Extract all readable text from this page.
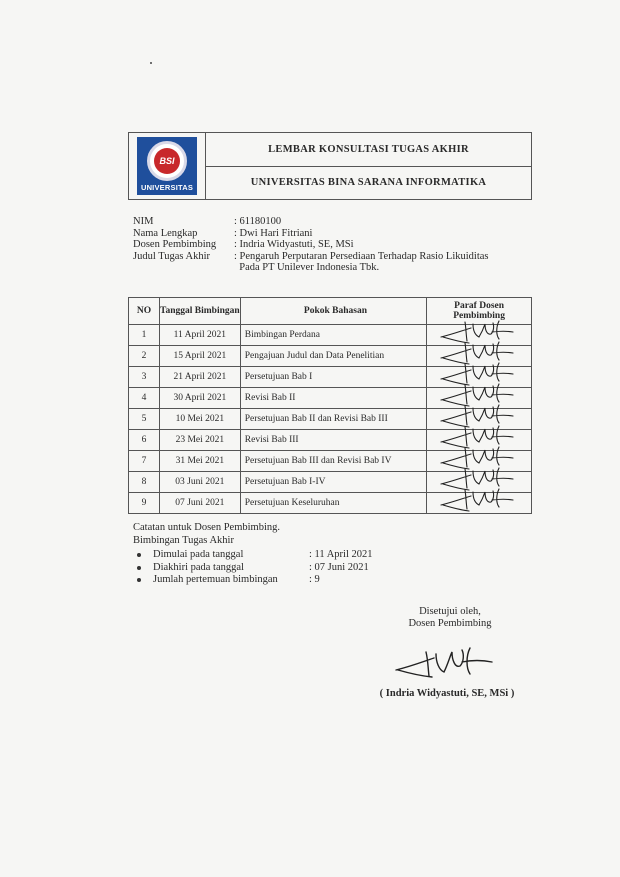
BSI
UNIVERSITAS
LEMBAR KONSULTASI TUGAS AKHIR
UNIVERSITAS BINA SARANA INFORMATIKA
NIM	: 61180100
Nama Lengkap	: Dwi Hari Fitriani
Dosen Pembimbing	: Indria Widyastuti, SE, MSi
Judul Tugas Akhir	: Pengaruh Perputaran Persediaan Terhadap Rasio Likuiditas
Pada PT Unilever Indonesia Tbk.
NO	Tanggal Bimbingan	Pokok Bahasan	Paraf Dosen Pembimbing
1	11 April 2021	Bimbingan Perdana	

2	15 April 2021	Pengajuan Judul dan Data Penelitian	

3	21 April 2021	Persetujuan Bab I	

4	30 April 2021	Revisi Bab II	

5	10 Mei 2021	Persetujuan Bab II dan Revisi Bab III	

6	23 Mei 2021	Revisi Bab III	

7	31 Mei 2021	Persetujuan Bab III dan Revisi Bab IV	

8	03 Juni 2021	Persetujuan Bab I-IV	

9	07 Juni 2021	Persetujuan Keseluruhan	
Catatan untuk Dosen Pembimbing.
Bimbingan Tugas Akhir
Dimulai pada tanggal	: 11 April 2021
Diakhiri pada tanggal	: 07 Juni 2021
Jumlah pertemuan bimbingan	: 9
Disetujui oleh,
Dosen Pembimbing
( Indria Widyastuti, SE, MSi )
